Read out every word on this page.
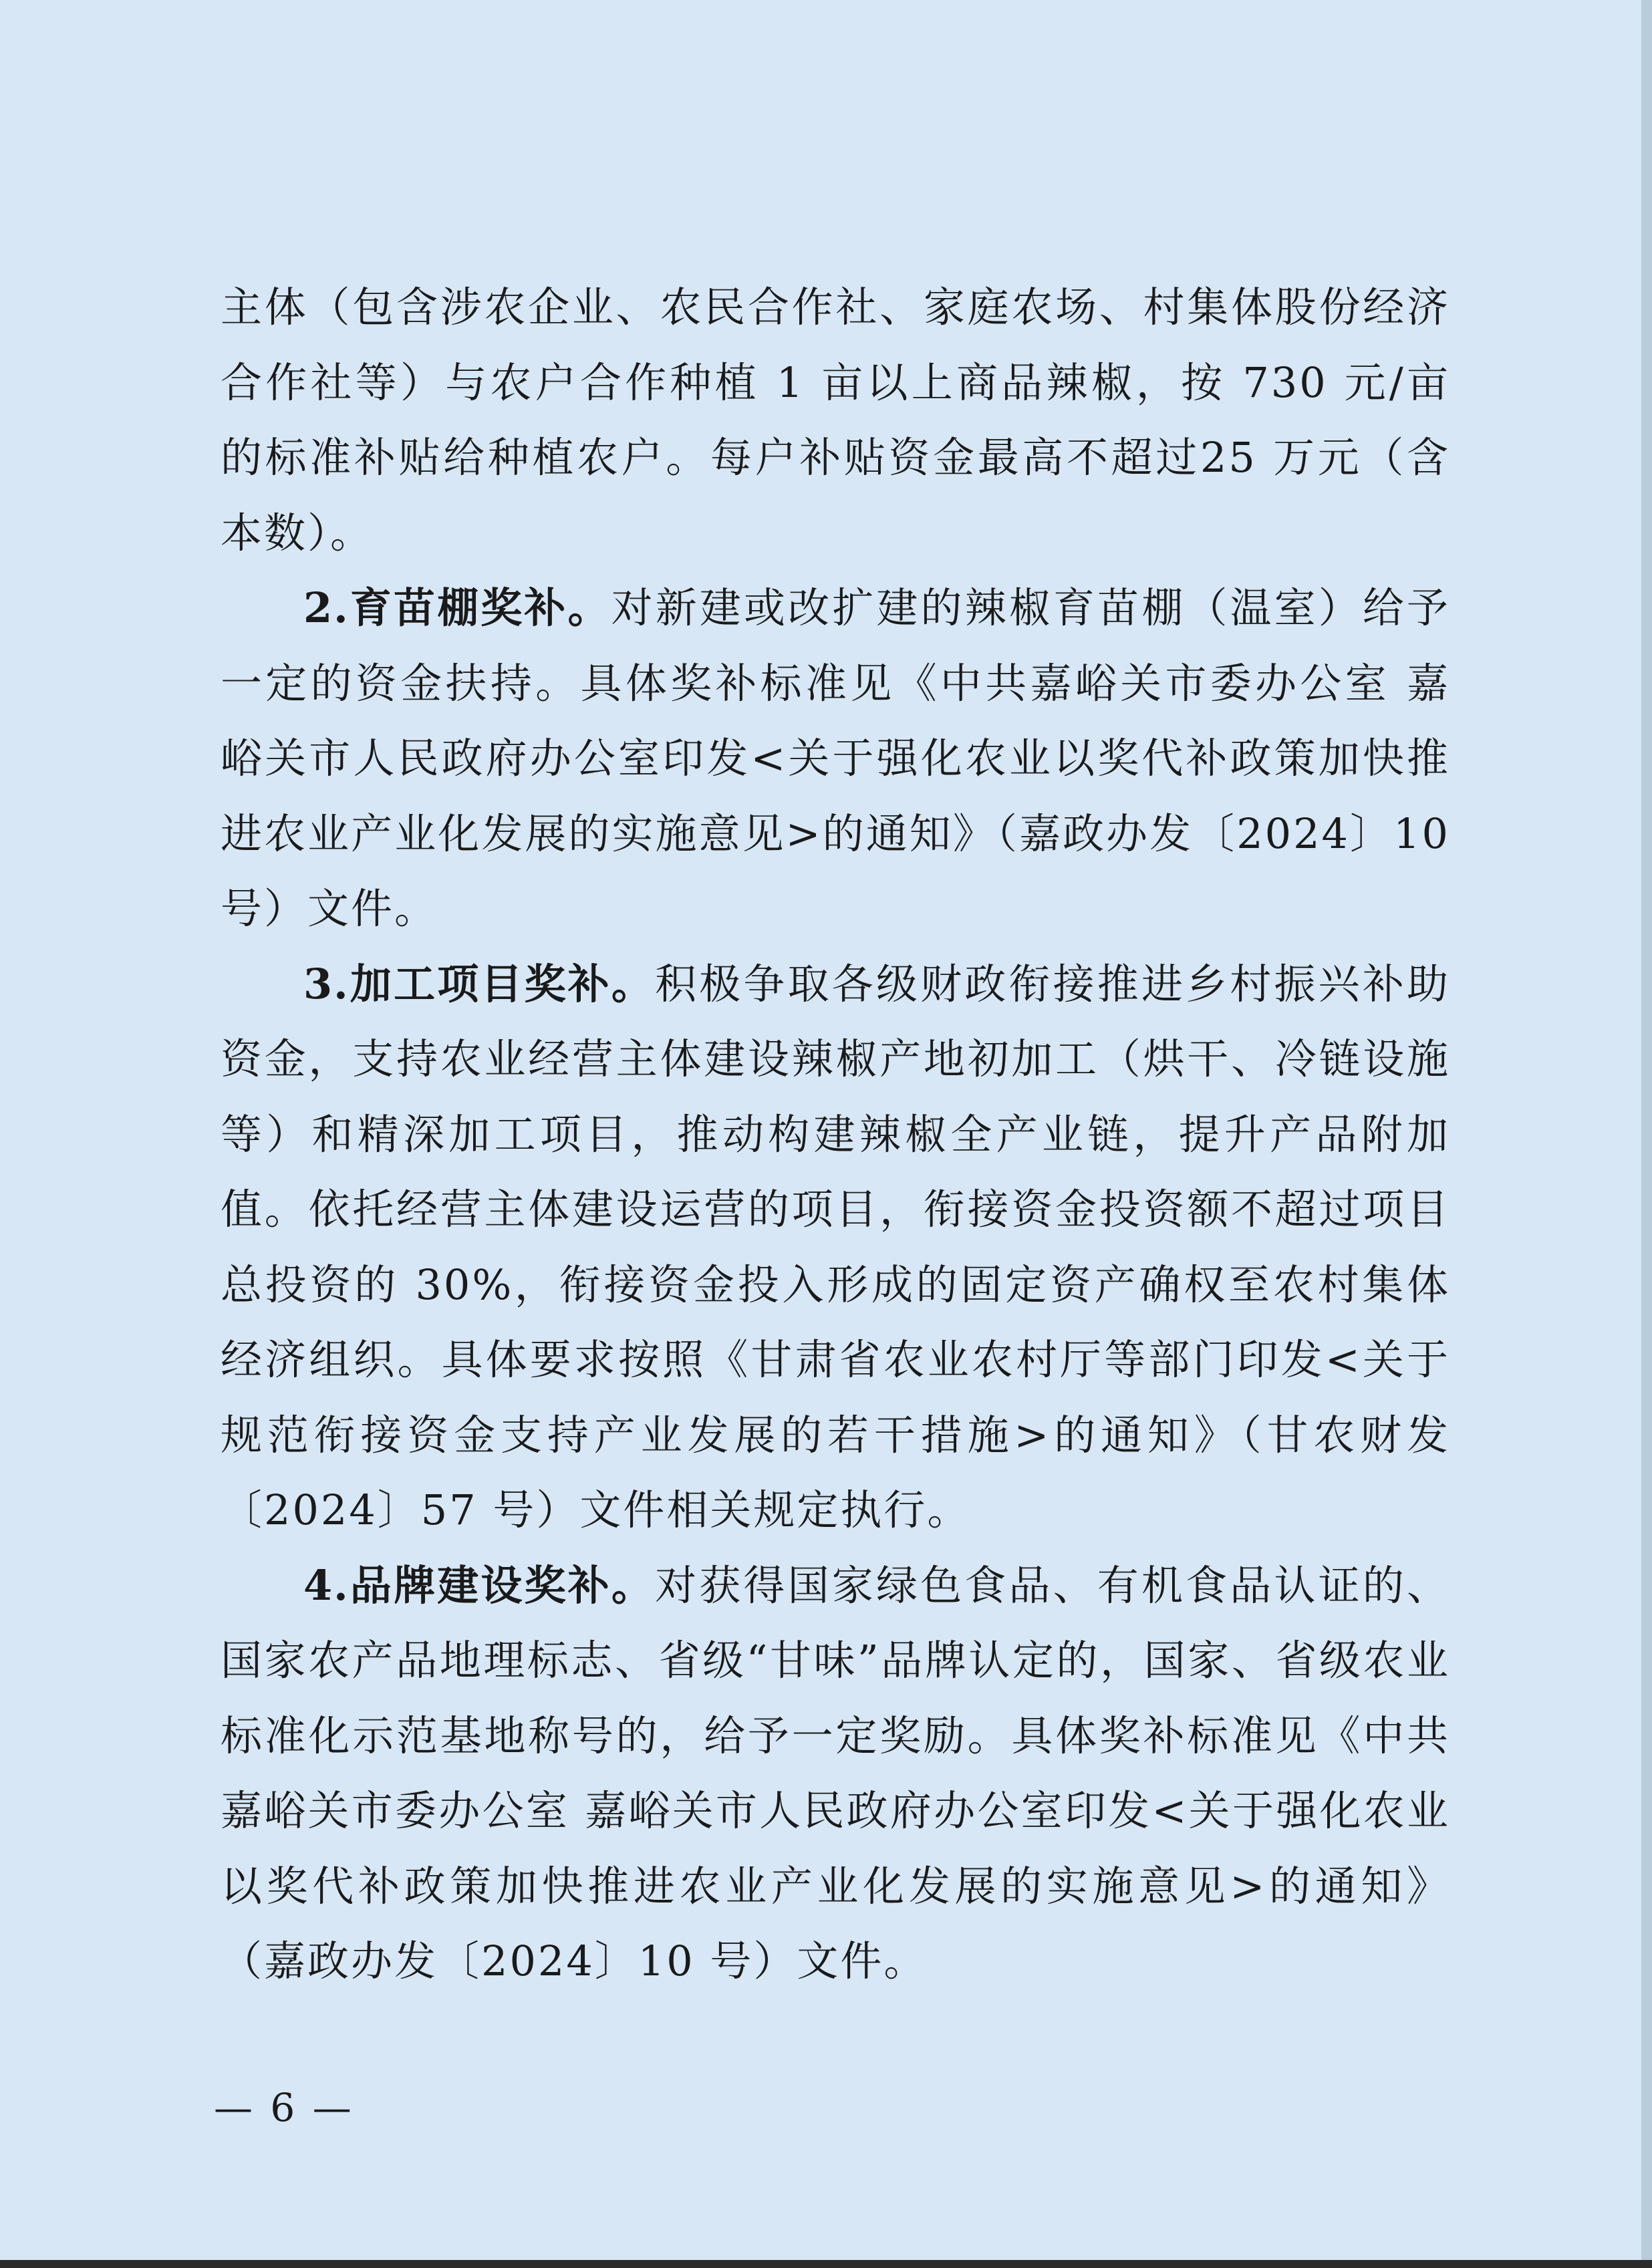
主体（包含涉农企业、农民合作社、家庭农场、村集体股份经济合作社等）与农户合作种植 1 亩以上商品辣椒，按 730 元/亩的标准补贴给种植农户。每户补贴资金最高不超过25 万元（含本数）。

2.育苗棚奖补。对新建或改扩建的辣椒育苗棚（温室）给予一定的资金扶持。具体奖补标准见《中共嘉峪关市委办公室 嘉峪关市人民政府办公室印发<关于强化农业以奖代补政策加快推进农业产业化发展的实施意见>的通知》（嘉政办发〔2024〕10 号）文件。

3.加工项目奖补。积极争取各级财政衔接推进乡村振兴补助资金，支持农业经营主体建设辣椒产地初加工（烘干、冷链设施等）和精深加工项目，推动构建辣椒全产业链，提升产品附加值。依托经营主体建设运营的项目，衔接资金投资额不超过项目总投资的 30%，衔接资金投入形成的固定资产确权至农村集体经济组织。具体要求按照《甘肃省农业农村厅等部门印发<关于规范衔接资金支持产业发展的若干措施>的通知》（甘农财发〔2024〕57 号）文件相关规定执行。

4.品牌建设奖补。对获得国家绿色食品、有机食品认证的、国家农产品地理标志、省级“甘味”品牌认定的，国家、省级农业标准化示范基地称号的，给予一定奖励。具体奖补标准见《中共嘉峪关市委办公室 嘉峪关市人民政府办公室印发<关于强化农业以奖代补政策加快推进农业产业化发展的实施意见>的通知》（嘉政办发〔2024〕10 号）文件。

— 6 —
